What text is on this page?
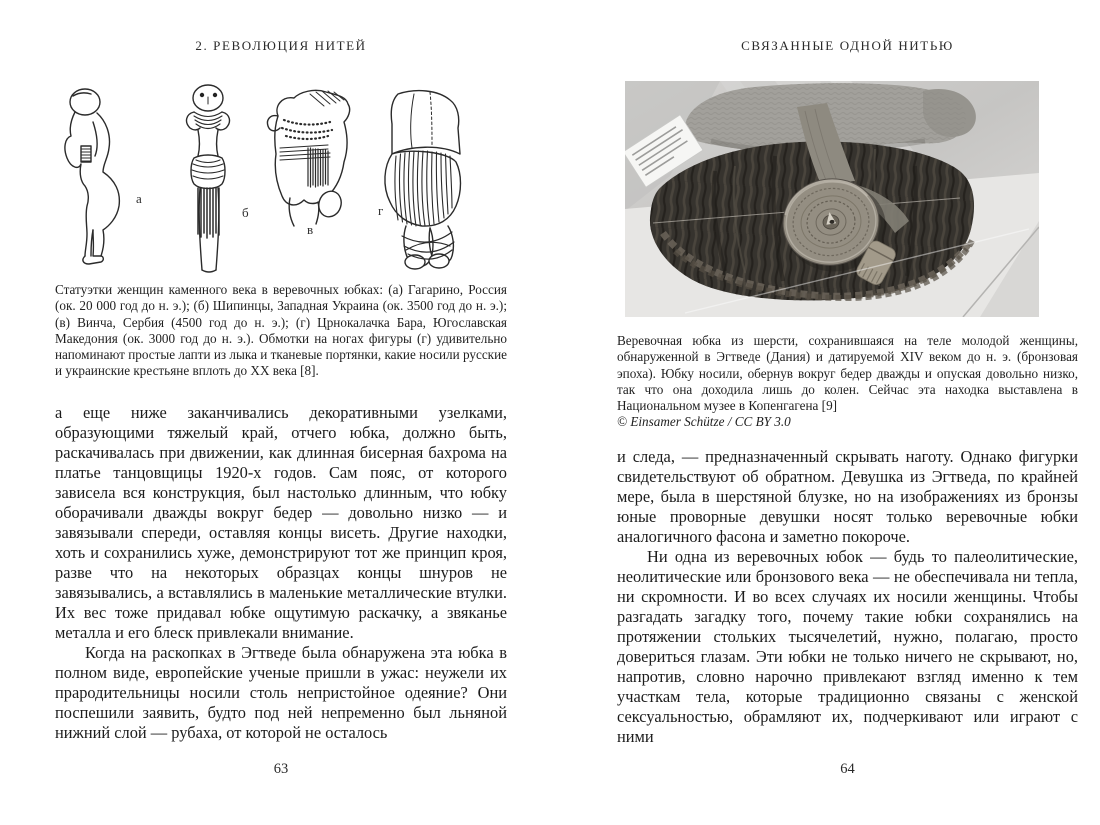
2. РЕВОЛЮЦИЯ НИТЕЙ
а
б
в
г
Статуэтки женщин каменного века в веревочных юбках: (а) Гагарино, Россия (ок. 20 000 год до н. э.); (б) Шипинцы, Западная Украина (ок. 3500 год до н. э.); (в) Винча, Сербия (4500 год до н. э.); (г) Црнокалачка Бара, Югославская Македония (ок. 3000 год до н. э.). Обмотки на ногах фигуры (г) удивительно напоминают простые лапти из лыка и тканевые портянки, какие носили русские и украинские крестьяне вплоть до XX века [8].

а еще ниже заканчивались декоративными узелками, образующими тяжелый край, отчего юбка, должно быть, раскачивалась при движении, как длинная бисерная бахрома на платье танцовщицы 1920-х годов. Сам пояс, от которого зависела вся конструкция, был настолько длинным, что юбку оборачивали дважды вокруг бедер — довольно низко — и завязывали спереди, оставляя концы висеть. Другие находки, хоть и сохранились хуже, демонстрируют тот же принцип кроя, разве что на некоторых образцах концы шнуров не завязывались, а вставлялись в маленькие металлические втулки. Их вес тоже придавал юбке ощутимую раскачку, а звяканье металла и его блеск привлекали внимание.

Когда на раскопках в Эгтведе была обнаружена эта юбка в полном виде, европейские ученые пришли в ужас: неужели их прародительницы носили столь непристойное одеяние? Они поспешили заявить, будто под ней непременно был льняной нижний слой — рубаха, от которой не осталось

63
СВЯЗАННЫЕ ОДНОЙ НИТЬЮ
Веревочная юбка из шерсти, сохранившаяся на теле молодой женщины, обнаруженной в Эгтведе (Дания) и датируемой XIV веком до н. э. (бронзовая эпоха). Юбку носили, обернув вокруг бедер дважды и опуская довольно низко, так что она доходила лишь до колен. Сейчас эта находка выставлена в Национальном музее в Копенгагена [9]
© Einsamer Schütze / CC BY 3.0

и следа, — предназначенный скрывать наготу. Однако фигурки свидетельствуют об обратном. Девушка из Эгтведа, по крайней мере, была в шерстяной блузке, но на изображениях из бронзы юные проворные девушки носят только веревочные юбки аналогичного фасона и заметно покороче.

Ни одна из веревочных юбок — будь то палеолитические, неолитические или бронзового века — не обеспечивала ни тепла, ни скромности. И во всех случаях их носили женщины. Чтобы разгадать загадку того, почему такие юбки сохранялись на протяжении стольких тысячелетий, нужно, полагаю, просто довериться глазам. Эти юбки не только ничего не скрывают, но, напротив, словно нарочно привлекают взгляд именно к тем участкам тела, которые традиционно связаны с женской сексуальностью, обрамляют их, подчеркивают или играют с ними

64
